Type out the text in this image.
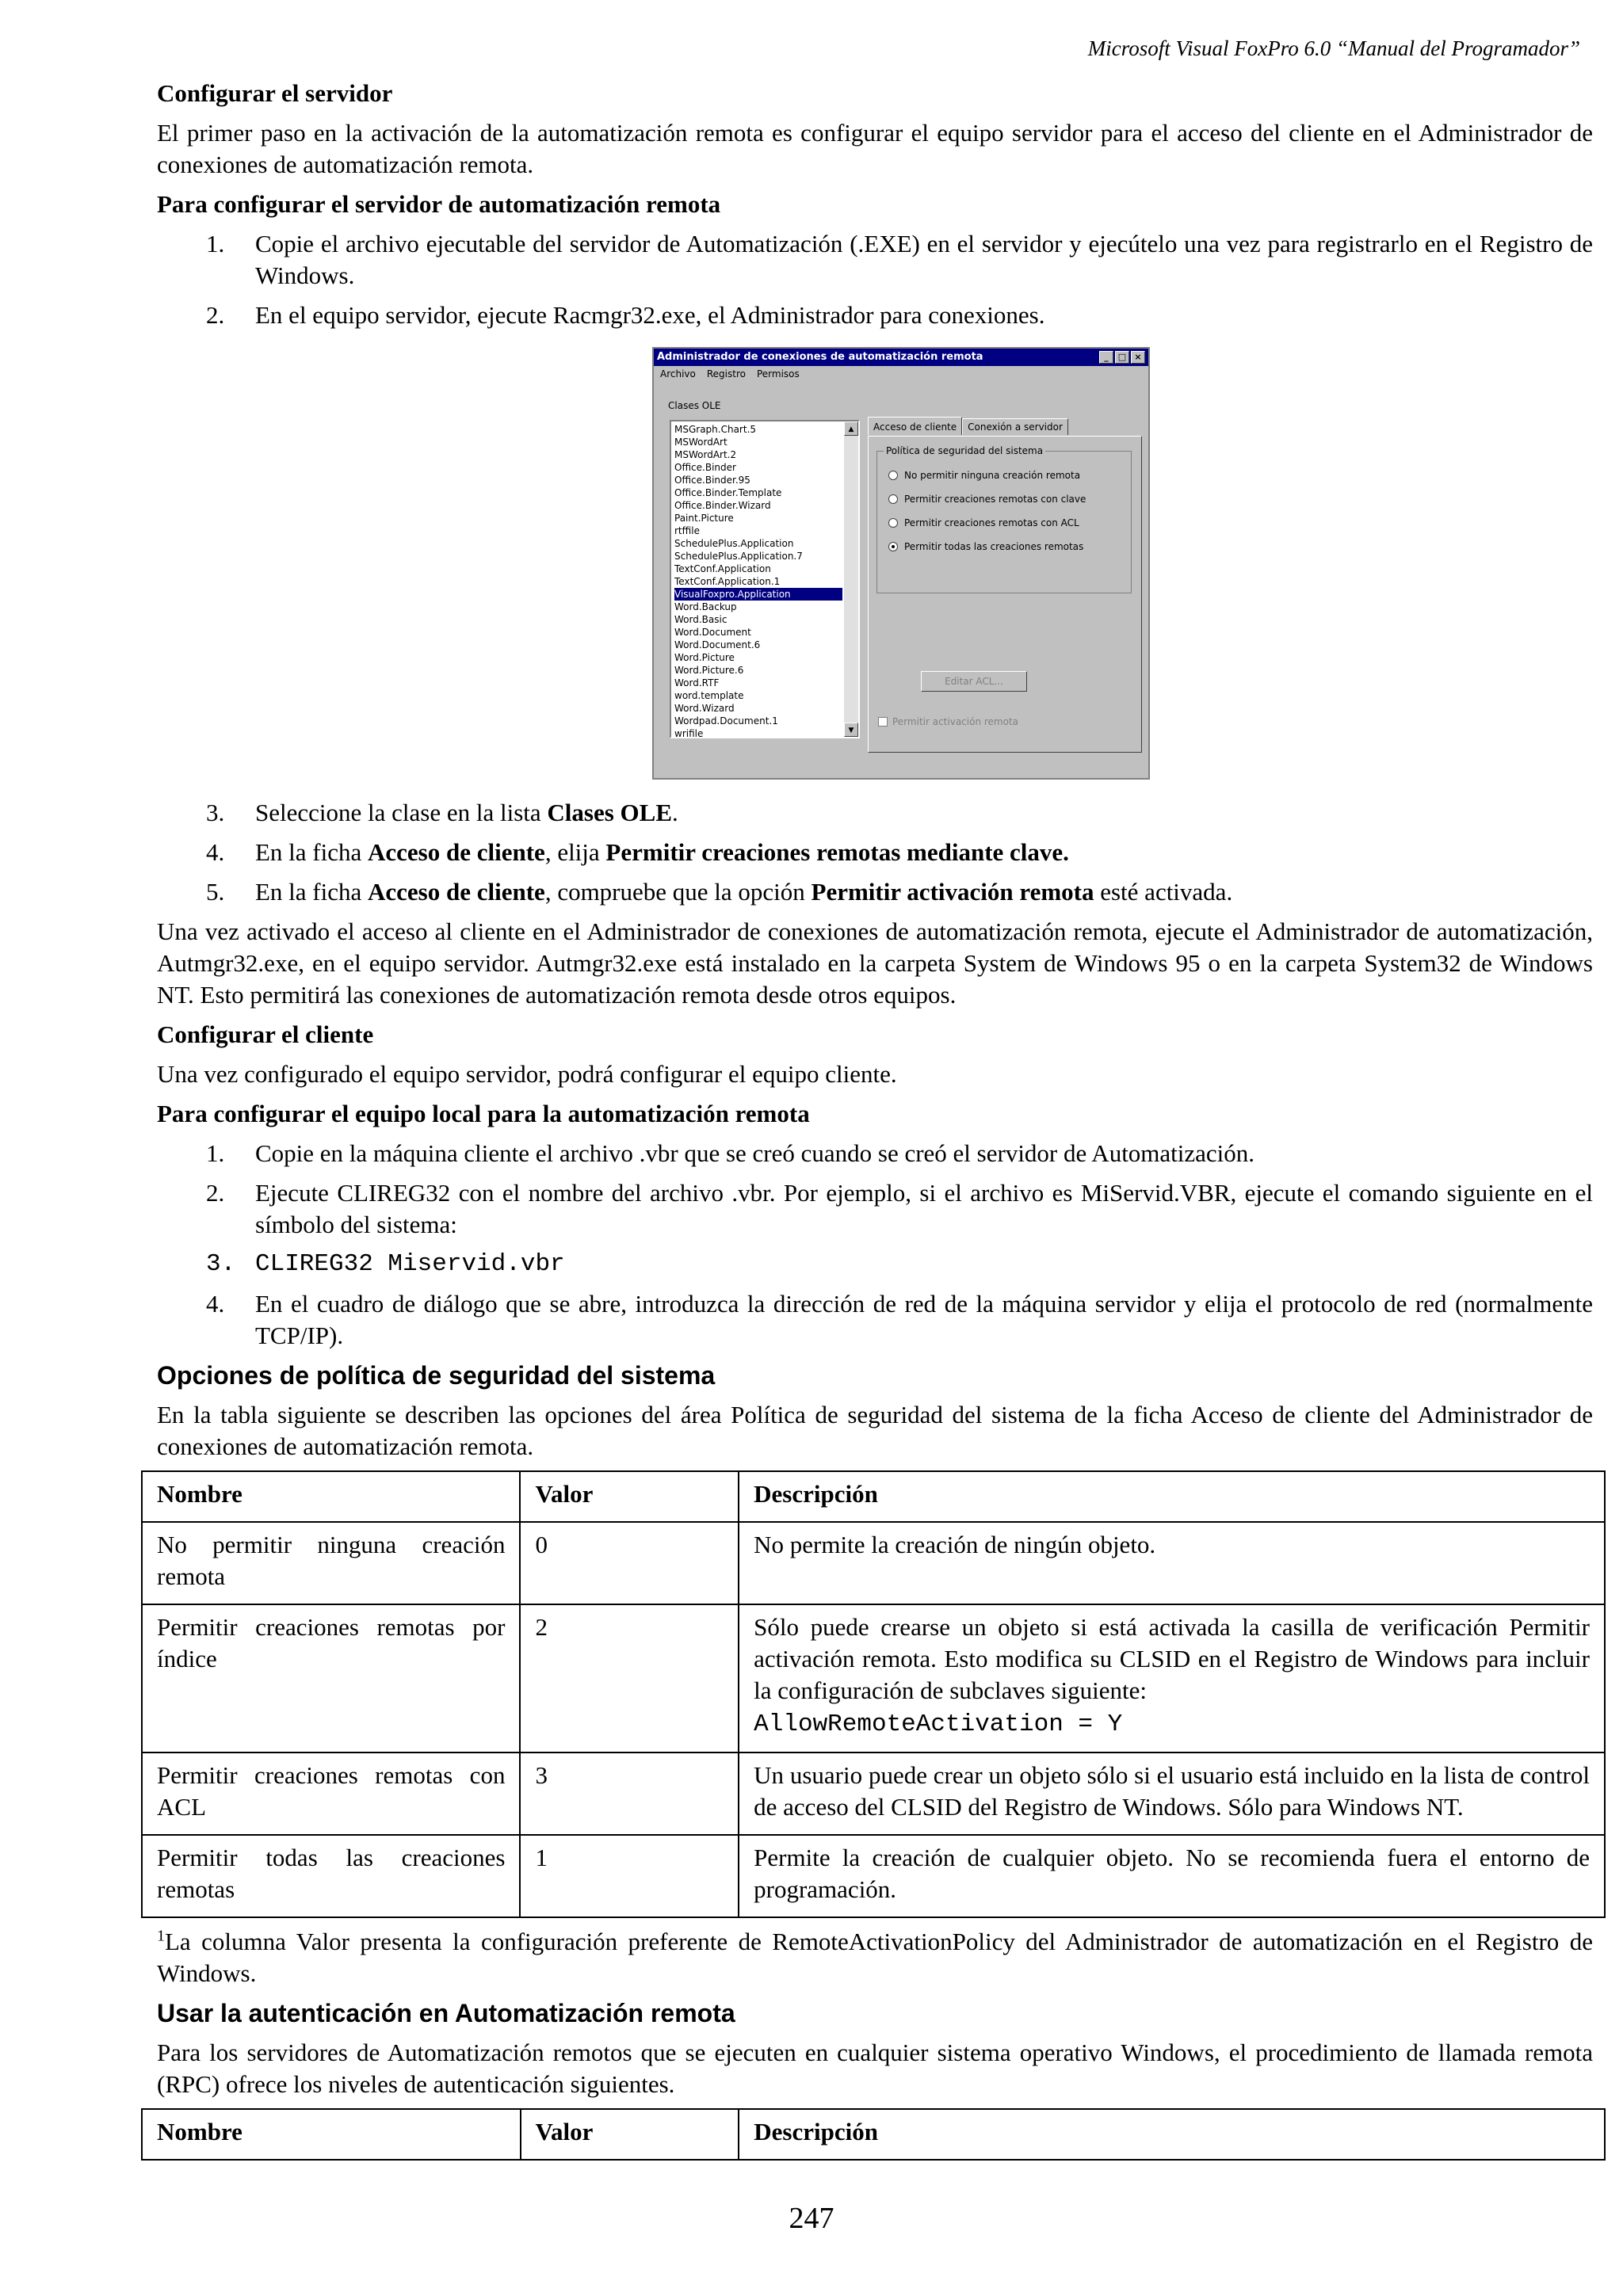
Microsoft Visual FoxPro 6.0 “Manual del Programador”
Configurar el servidor

El primer paso en la activación de la automatización remota es configurar el equipo servidor para el acceso del cliente en el Administrador de conexiones de automatización remota.

Para configurar el servidor de automatización remota
1.	Copie el archivo ejecutable del servidor de Automatización (.EXE) en el servidor y ejecútelo una vez para registrarlo en el Registro de Windows.
2.	En el equipo servidor, ejecute Racmgr32.exe, el Administrador para conexiones.
Administrador de conexiones de automatización remota	_	□ ×
Archivo Registro Permisos
Clases OLE
MSGraph.Chart.5
MSWordArt
MSWordArt.2
Office.Binder
Office.Binder.95
Office.Binder.Template
Office.Binder.Wizard
Paint.Picture
rtffile
SchedulePlus.Application
SchedulePlus.Application.7
TextConf.Application
TextConf.Application.1
VisualFoxpro.Application
Word.Backup
Word.Basic
Word.Document
Word.Document.6
Word.Picture
Word.Picture.6
Word.RTF
word.template
Word.Wizard
Wordpad.Document.1
wrifile
▲
▼
Acceso de cliente	Conexión a servidor
Política de seguridad del sistema
No permitir ninguna creación remota
Permitir creaciones remotas con clave
Permitir creaciones remotas con ACL
Permitir todas las creaciones remotas
Editar ACL...
Permitir activación remota
3.	Seleccione la clase en la lista Clases OLE.
4.	En la ficha Acceso de cliente, elija Permitir creaciones remotas mediante clave.
5.	En la ficha Acceso de cliente, compruebe que la opción Permitir activación remota esté activada.

Una vez activado el acceso al cliente en el Administrador de conexiones de automatización remota, ejecute el Administrador de automatización, Autmgr32.exe, en el equipo servidor. Autmgr32.exe está instalado en la carpeta System de Windows 95 o en la carpeta System32 de Windows NT. Esto permitirá las conexiones de automatización remota desde otros equipos.

Configurar el cliente

Una vez configurado el equipo servidor, podrá configurar el equipo cliente.

Para configurar el equipo local para la automatización remota
1.	Copie en la máquina cliente el archivo .vbr que se creó cuando se creó el servidor de Automatización.
2.	Ejecute CLIREG32 con el nombre del archivo .vbr. Por ejemplo, si el archivo es MiServid.VBR, ejecute el comando siguiente en el símbolo del sistema:
3. CLIREG32 Miservid.vbr
4.	En el cuadro de diálogo que se abre, introduzca la dirección de red de la máquina servidor y elija el protocolo de red (normalmente TCP/IP).
Opciones de política de seguridad del sistema

En la tabla siguiente se describen las opciones del área Política de seguridad del sistema de la ficha Acceso de cliente del Administrador de conexiones de automatización remota.

Nombre	Valor	Descripción
No permitir ninguna creación remota	0	No permite la creación de ningún objeto.
Permitir creaciones remotas por índice	2	Sólo puede crearse un objeto si está activada la casilla de verificación Permitir activación remota. Esto modifica su CLSID en el Registro de Windows para incluir la configuración de subclaves siguiente:
AllowRemoteActivation = Y
Permitir creaciones remotas con ACL	3	Un usuario puede crear un objeto sólo si el usuario está incluido en la lista de control de acceso del CLSID del Registro de Windows. Sólo para Windows NT.
Permitir todas las creaciones remotas	1	Permite la creación de cualquier objeto. No se recomienda fuera el entorno de programación.

$^1$La columna Valor presenta la configuración preferente de RemoteActivationPolicy del Administrador de automatización en el Registro de Windows.

Usar la autenticación en Automatización remota

Para los servidores de Automatización remotos que se ejecuten en cualquier sistema operativo Windows, el procedimiento de llamada remota (RPC) ofrece los niveles de autenticación siguientes.

Nombre	Valor	Descripción
247
